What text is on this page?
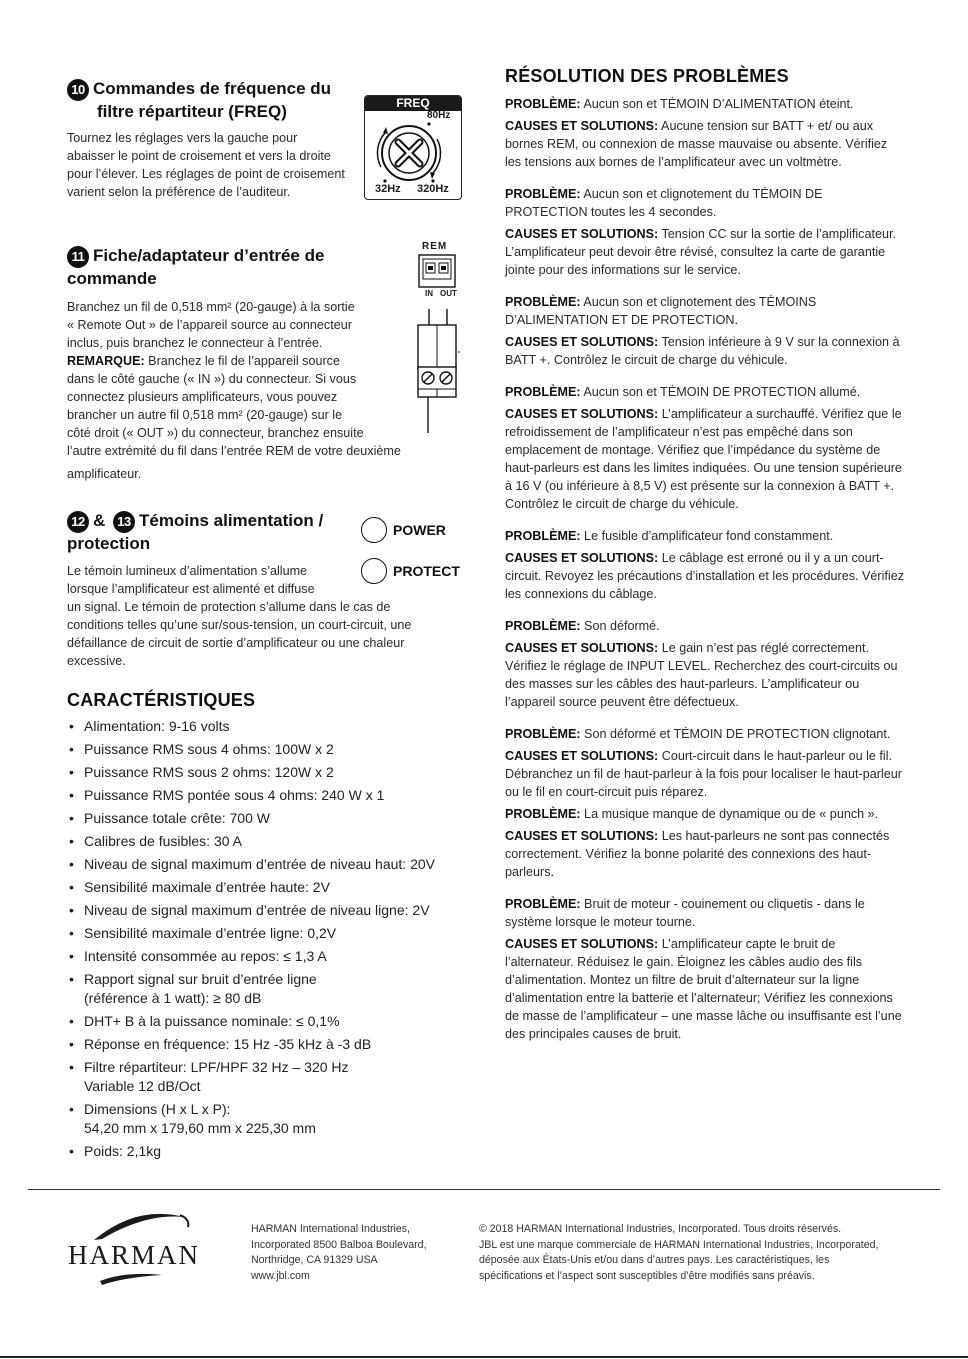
10 Commandes de fréquence du
filtre répartiteur (FREQ)
Tournez les réglages vers la gauche pour abaisser le point de croisement et vers la droite pour l’élever. Les réglages de point de croisement varient selon la préférence de l’auditeur.
FREQ
80Hz
32Hz 320Hz
11 Fiche/adaptateur d’entrée de
commande
Branchez un fil de 0,518 mm² (20-gauge) à la sortie
« Remote Out » de l’appareil source au connecteur
inclus, puis branchez le connecteur à l’entrée.
REMARQUE: Branchez le fil de l’appareil source
dans le côté gauche (« IN ») du connecteur. Si vous
connectez plusieurs amplificateurs, vous pouvez
brancher un autre fil 0,518 mm² (20-gauge) sur le
côté droit (« OUT ») du connecteur, branchez ensuite
l’autre extrémité du fil dans l’entrée REM de votre deuxième
amplificateur.
REM
IN OUT
12 & 13 Témoins alimentation /
protection
POWER
PROTECT
Le témoin lumineux d’alimentation s’allume
lorsque l’amplificateur est alimenté et diffuse
un signal. Le témoin de protection s’allume dans le cas de
conditions telles qu’une sur/sous-tension, un court-circuit, une
défaillance de circuit de sortie d’amplificateur ou une chaleur
excessive.
CARACTÉRISTIQUES
• Alimentation: 9-16 volts
• Puissance RMS sous 4 ohms: 100W x 2
• Puissance RMS sous 2 ohms: 120W x 2
• Puissance RMS pontée sous 4 ohms: 240 W x 1
• Puissance totale crête: 700 W
• Calibres de fusibles: 30 A
• Niveau de signal maximum d’entrée de niveau haut: 20V
• Sensibilité maximale d’entrée haute: 2V
• Niveau de signal maximum d’entrée de niveau ligne: 2V
• Sensibilité maximale d’entrée ligne: 0,2V
• Intensité consommée au repos: ≤ 1,3 A
• Rapport signal sur bruit d’entrée ligne
(référence à 1 watt): ≥ 80 dB
• DHT+ B à la puissance nominale: ≤ 0,1%
• Réponse en fréquence: 15 Hz -35 kHz à -3 dB
• Filtre répartiteur: LPF/HPF 32 Hz – 320 Hz
Variable 12 dB/Oct
• Dimensions (H x L x P):
54,20 mm x 179,60 mm x 225,30 mm
• Poids: 2,1kg
RÉSOLUTION DES PROBLÈMES
PROBLÈME: Aucun son et TÉMOIN D’ALIMENTATION éteint.
CAUSES ET SOLUTIONS: Aucune tension sur BATT + et/ ou aux bornes REM, ou connexion de masse mauvaise ou absente. Vérifiez les tensions aux bornes de l’amplificateur avec un voltmètre.
PROBLÈME: Aucun son et clignotement du TÉMOIN DE PROTECTION toutes les 4 secondes.
CAUSES ET SOLUTIONS: Tension CC sur la sortie de l’amplificateur. L’amplificateur peut devoir être révisé, consultez la carte de garantie jointe pour des informations sur le service.
PROBLÈME: Aucun son et clignotement des TÉMOINS D’ALIMENTATION ET DE PROTECTION.
CAUSES ET SOLUTIONS: Tension inférieure à 9 V sur la connexion à BATT +. Contrôlez le circuit de charge du véhicule.
PROBLÈME: Aucun son et TÉMOIN DE PROTECTION allumé.
CAUSES ET SOLUTIONS: L’amplificateur a surchauffé. Vérifiez que le refroidissement de l’amplificateur n’est pas empêché dans son emplacement de montage. Vérifiez que l’impédance du système de haut-parleurs est dans les limites indiquées. Ou une tension supérieure à 16 V (ou inférieure à 8,5 V) est présente sur la connexion à BATT +. Contrôlez le circuit de charge du véhicule.
PROBLÈME: Le fusible d’amplificateur fond constamment.
CAUSES ET SOLUTIONS: Le câblage est erroné ou il y a un court-circuit. Revoyez les précautions d’installation et les procédures. Vérifiez les connexions du câblage.
PROBLÈME: Son déformé.
CAUSES ET SOLUTIONS: Le gain n’est pas réglé correctement. Vérifiez le réglage de INPUT LEVEL. Recherchez des court-circuits ou des masses sur les câbles des haut-parleurs. L’amplificateur ou l’appareil source peuvent être défectueux.
PROBLÈME: Son déformé et TÉMOIN DE PROTECTION clignotant.
CAUSES ET SOLUTIONS: Court-circuit dans le haut-parleur ou le fil. Débranchez un fil de haut-parleur à la fois pour localiser le haut-parleur ou le fil en court-circuit puis réparez.
PROBLÈME: La musique manque de dynamique ou de « punch ».
CAUSES ET SOLUTIONS: Les haut-parleurs ne sont pas connectés correctement. Vérifiez la bonne polarité des connexions des haut-parleurs.
PROBLÈME: Bruit de moteur - couinement ou cliquetis - dans le système lorsque le moteur tourne.
CAUSES ET SOLUTIONS: L’amplificateur capte le bruit de l’alternateur. Réduisez le gain. Éloignez les câbles audio des fils d’alimentation. Montez un filtre de bruit d’alternateur sur la ligne d’alimentation entre la batterie et l’alternateur; Vérifiez les connexions de masse de l’amplificateur – une masse lâche ou insuffisante est l’une des principales causes de bruit.
HARMAN
HARMAN International Industries,
Incorporated 8500 Balboa Boulevard,
Northridge, CA 91329 USA
www.jbl.com
© 2018 HARMAN International Industries, Incorporated. Tous droits réservés.
JBL est une marque commerciale de HARMAN International Industries, Incorporated,
déposée aux États-Unis et/ou dans d’autres pays. Les caractéristiques, les
spécifications et l’aspect sont susceptibles d’être modifiés sans préavis.
